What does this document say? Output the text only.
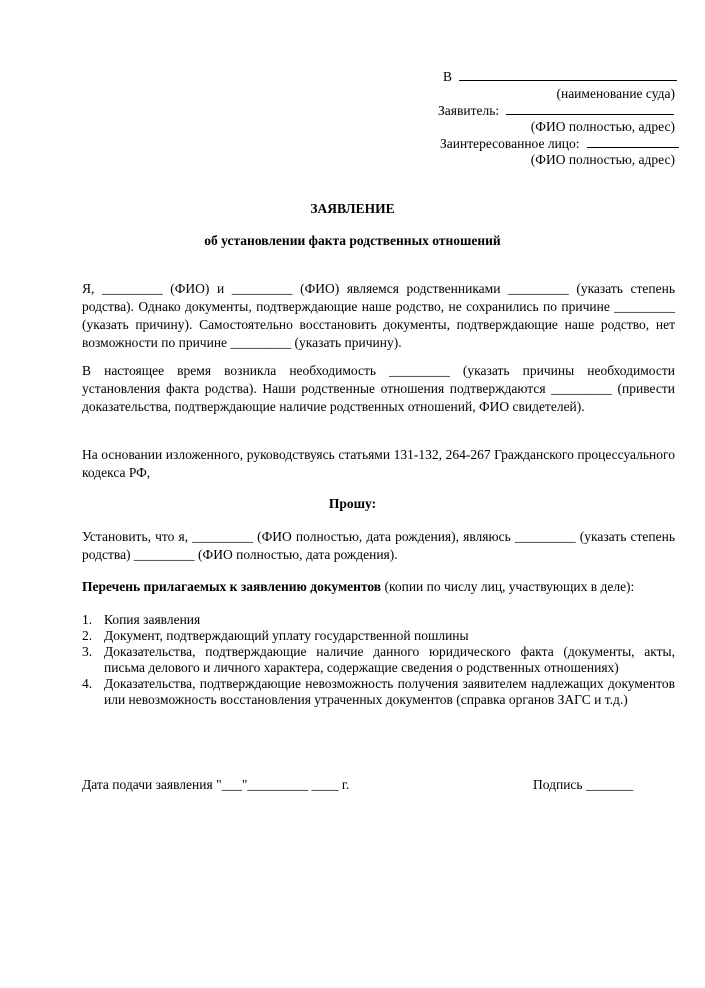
В
(наименование суда)
Заявитель:
(ФИО полностью, адрес)
Заинтересованное лицо:
(ФИО полностью, адрес)
ЗАЯВЛЕНИЕ
об установлении факта родственных отношений

Я, _________ (ФИО) и _________ (ФИО) являемся родственниками _________ (указать степень родства). Однако документы, подтверждающие наше родство, не сохранились по причине _________ (указать причину). Самостоятельно восстановить документы, подтверждающие наше родство, нет возможности по причине _________ (указать причину).

В настоящее время возникла необходимость _________ (указать причины необходимости установления факта родства). Наши родственные отношения подтверждаются _________ (привести доказательства, подтверждающие наличие родственных отношений, ФИО свидетелей).

На основании изложенного, руководствуясь статьями 131-132, 264-267 Гражданского процессуального кодекса РФ,

Прошу:

Установить, что я, _________ (ФИО полностью, дата рождения), являюсь _________ (указать степень родства) _________ (ФИО полностью, дата рождения).

Перечень прилагаемых к заявлению документов (копии по числу лиц, участвующих в деле):
1. Копия заявления
2. Документ, подтверждающий уплату государственной пошлины
3. Доказательства, подтверждающие наличие данного юридического факта (документы, акты, письма делового и личного характера, содержащие сведения о родственных отношениях)
4. Доказательства, подтверждающие невозможность получения заявителем надлежащих документов или невозможность восстановления утраченных документов (справка органов ЗАГС и т.д.)
Дата подачи заявления "___"_________ ____ г.	Подпись _______
